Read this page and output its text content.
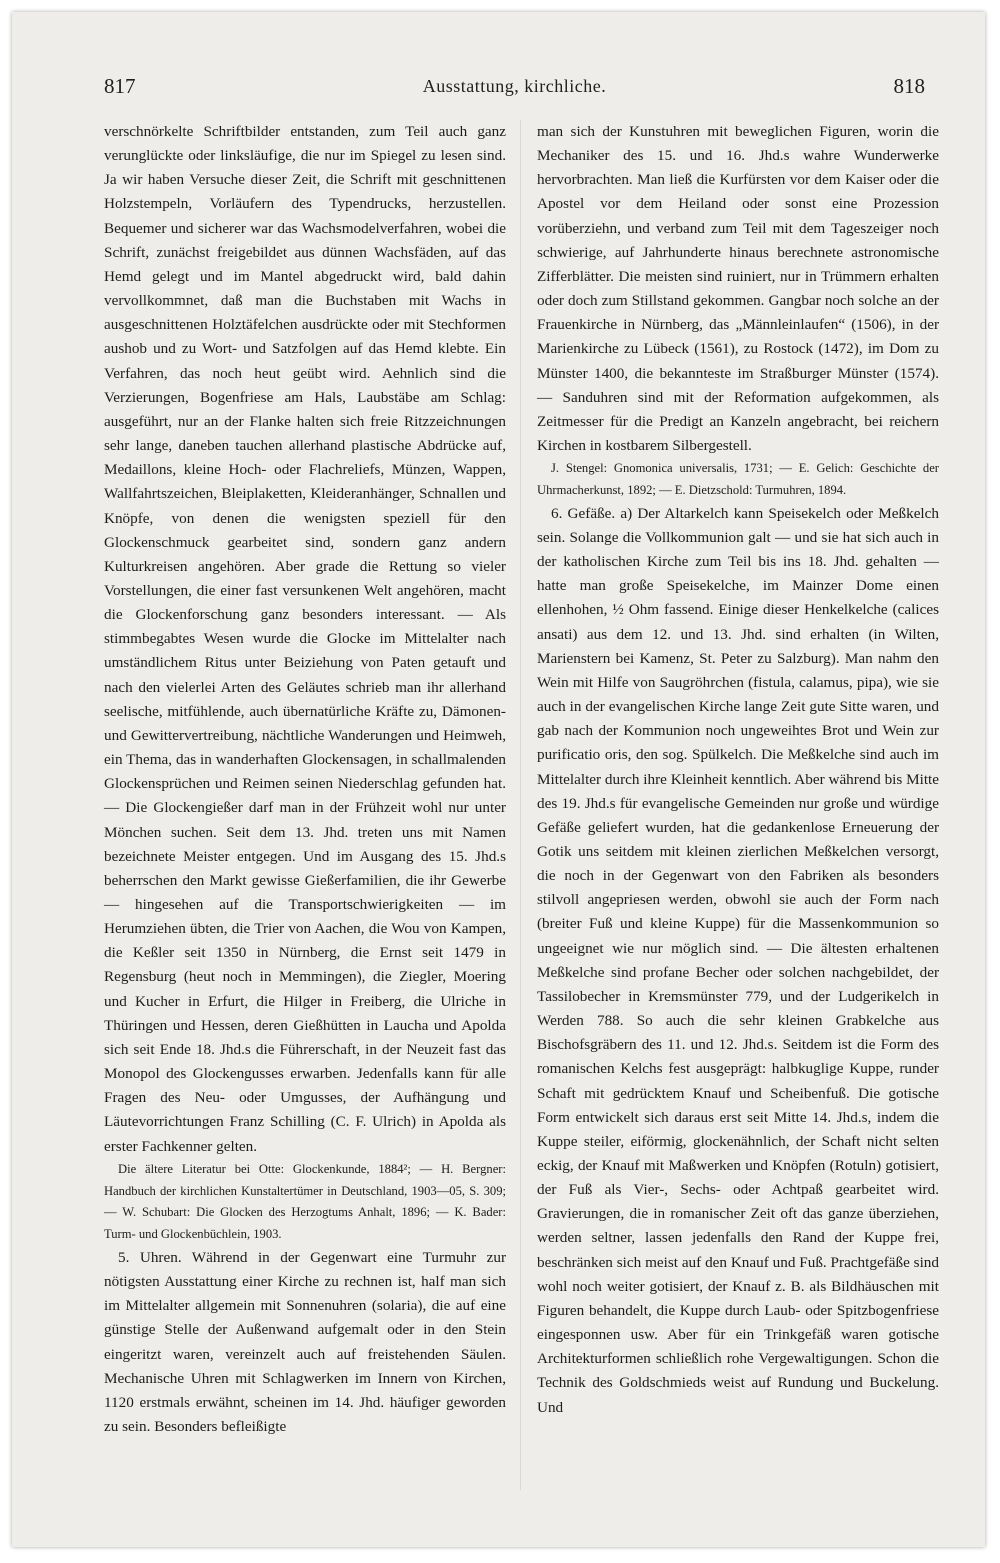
817	Ausstattung, kirchliche.	818

verschnörkelte Schriftbilder entstanden, zum Teil auch ganz verunglückte oder linksläufige, die nur im Spiegel zu lesen sind. Ja wir haben Versuche dieser Zeit, die Schrift mit geschnittenen Holzstempeln, Vorläufern des Typendrucks, herzustellen. Bequemer und sicherer war das Wachsmodelverfahren, wobei die Schrift, zunächst freigebildet aus dünnen Wachsfäden, auf das Hemd gelegt und im Mantel abgedruckt wird, bald dahin vervollkommnet, daß man die Buchstaben mit Wachs in ausgeschnittenen Holztäfelchen ausdrückte oder mit Stechformen aushob und zu Wort- und Satzfolgen auf das Hemd klebte. Ein Verfahren, das noch heut geübt wird. Aehnlich sind die Verzierungen, Bogenfriese am Hals, Laubstäbe am Schlag: ausgeführt, nur an der Flanke halten sich freie Ritzzeichnungen sehr lange, daneben tauchen allerhand plastische Abdrücke auf, Medaillons, kleine Hoch- oder Flachreliefs, Münzen, Wappen, Wallfahrtszeichen, Bleiplaketten, Kleideranhänger, Schnallen und Knöpfe, von denen die wenigsten speziell für den Glockenschmuck gearbeitet sind, sondern ganz andern Kulturkreisen angehören. Aber grade die Rettung so vieler Vorstellungen, die einer fast versunkenen Welt angehören, macht die Glockenforschung ganz besonders interessant. — Als stimmbegabtes Wesen wurde die Glocke im Mittelalter nach umständlichem Ritus unter Beiziehung von Paten getauft und nach den vielerlei Arten des Geläutes schrieb man ihr allerhand seelische, mitfühlende, auch übernatürliche Kräfte zu, Dämonen- und Gewittervertreibung, nächtliche Wanderungen und Heimweh, ein Thema, das in wanderhaften Glockensagen, in schallmalenden Glockensprüchen und Reimen seinen Niederschlag gefunden hat. — Die Glockengießer darf man in der Frühzeit wohl nur unter Mönchen suchen. Seit dem 13. Jhd. treten uns mit Namen bezeichnete Meister entgegen. Und im Ausgang des 15. Jhd.s beherrschen den Markt gewisse Gießerfamilien, die ihr Gewerbe — hingesehen auf die Transportschwierigkeiten — im Herumziehen übten, die Trier von Aachen, die Wou von Kampen, die Keßler seit 1350 in Nürnberg, die Ernst seit 1479 in Regensburg (heut noch in Memmingen), die Ziegler, Moering und Kucher in Erfurt, die Hilger in Freiberg, die Ulriche in Thüringen und Hessen, deren Gießhütten in Laucha und Apolda sich seit Ende 18. Jhd.s die Führerschaft, in der Neuzeit fast das Monopol des Glockengusses erwarben. Jedenfalls kann für alle Fragen des Neu- oder Umgusses, der Aufhängung und Läutevorrichtungen Franz Schilling (C. F. Ulrich) in Apolda als erster Fachkenner gelten.

Die ältere Literatur bei Otte: Glockenkunde, 1884²; — H. Bergner: Handbuch der kirchlichen Kunstaltertümer in Deutschland, 1903—05, S. 309; — W. Schubart: Die Glocken des Herzogtums Anhalt, 1896; — K. Bader: Turm- und Glockenbüchlein, 1903.

5. Uhren. Während in der Gegenwart eine Turmuhr zur nötigsten Ausstattung einer Kirche zu rechnen ist, half man sich im Mittelalter allgemein mit Sonnenuhren (solaria), die auf eine günstige Stelle der Außenwand aufgemalt oder in den Stein eingeritzt waren, vereinzelt auch auf freistehenden Säulen. Mechanische Uhren mit Schlagwerken im Innern von Kirchen, 1120 erstmals erwähnt, scheinen im 14. Jhd. häufiger geworden zu sein. Besonders befleißigte

man sich der Kunstuhren mit beweglichen Figuren, worin die Mechaniker des 15. und 16. Jhd.s wahre Wunderwerke hervorbrachten. Man ließ die Kurfürsten vor dem Kaiser oder die Apostel vor dem Heiland oder sonst eine Prozession vorüberziehn, und verband zum Teil mit dem Tageszeiger noch schwierige, auf Jahrhunderte hinaus berechnete astronomische Zifferblätter. Die meisten sind ruiniert, nur in Trümmern erhalten oder doch zum Stillstand gekommen. Gangbar noch solche an der Frauenkirche in Nürnberg, das „Männleinlaufen“ (1506), in der Marienkirche zu Lübeck (1561), zu Rostock (1472), im Dom zu Münster 1400, die bekannteste im Straßburger Münster (1574). — Sanduhren sind mit der Reformation aufgekommen, als Zeitmesser für die Predigt an Kanzeln angebracht, bei reichern Kirchen in kostbarem Silbergestell.

J. Stengel: Gnomonica universalis, 1731; — E. Gelich: Geschichte der Uhrmacherkunst, 1892; — E. Dietzschold: Turmuhren, 1894.

6. Gefäße. a) Der Altarkelch kann Speisekelch oder Meßkelch sein. Solange die Vollkommunion galt — und sie hat sich auch in der katholischen Kirche zum Teil bis ins 18. Jhd. gehalten — hatte man große Speisekelche, im Mainzer Dome einen ellenhohen, ½ Ohm fassend. Einige dieser Henkelkelche (calices ansati) aus dem 12. und 13. Jhd. sind erhalten (in Wilten, Marienstern bei Kamenz, St. Peter zu Salzburg). Man nahm den Wein mit Hilfe von Saugröhrchen (fistula, calamus, pipa), wie sie auch in der evangelischen Kirche lange Zeit gute Sitte waren, und gab nach der Kommunion noch ungeweihtes Brot und Wein zur purificatio oris, den sog. Spülkelch. Die Meßkelche sind auch im Mittelalter durch ihre Kleinheit kenntlich. Aber während bis Mitte des 19. Jhd.s für evangelische Gemeinden nur große und würdige Gefäße geliefert wurden, hat die gedankenlose Erneuerung der Gotik uns seitdem mit kleinen zierlichen Meßkelchen versorgt, die noch in der Gegenwart von den Fabriken als besonders stilvoll angepriesen werden, obwohl sie auch der Form nach (breiter Fuß und kleine Kuppe) für die Massenkommunion so ungeeignet wie nur möglich sind. — Die ältesten erhaltenen Meßkelche sind profane Becher oder solchen nachgebildet, der Tassilobecher in Kremsmünster 779, und der Ludgerikelch in Werden 788. So auch die sehr kleinen Grabkelche aus Bischofsgräbern des 11. und 12. Jhd.s. Seitdem ist die Form des romanischen Kelchs fest ausgeprägt: halbkuglige Kuppe, runder Schaft mit gedrücktem Knauf und Scheibenfuß. Die gotische Form entwickelt sich daraus erst seit Mitte 14. Jhd.s, indem die Kuppe steiler, eiförmig, glockenähnlich, der Schaft nicht selten eckig, der Knauf mit Maßwerken und Knöpfen (Rotuln) gotisiert, der Fuß als Vier-, Sechs- oder Achtpaß gearbeitet wird. Gravierungen, die in romanischer Zeit oft das ganze überziehen, werden seltner, lassen jedenfalls den Rand der Kuppe frei, beschränken sich meist auf den Knauf und Fuß. Prachtgefäße sind wohl noch weiter gotisiert, der Knauf z. B. als Bildhäuschen mit Figuren behandelt, die Kuppe durch Laub- oder Spitzbogenfriese eingesponnen usw. Aber für ein Trinkgefäß waren gotische Architekturformen schließlich rohe Vergewaltigungen. Schon die Technik des Goldschmieds weist auf Rundung und Buckelung. Und
